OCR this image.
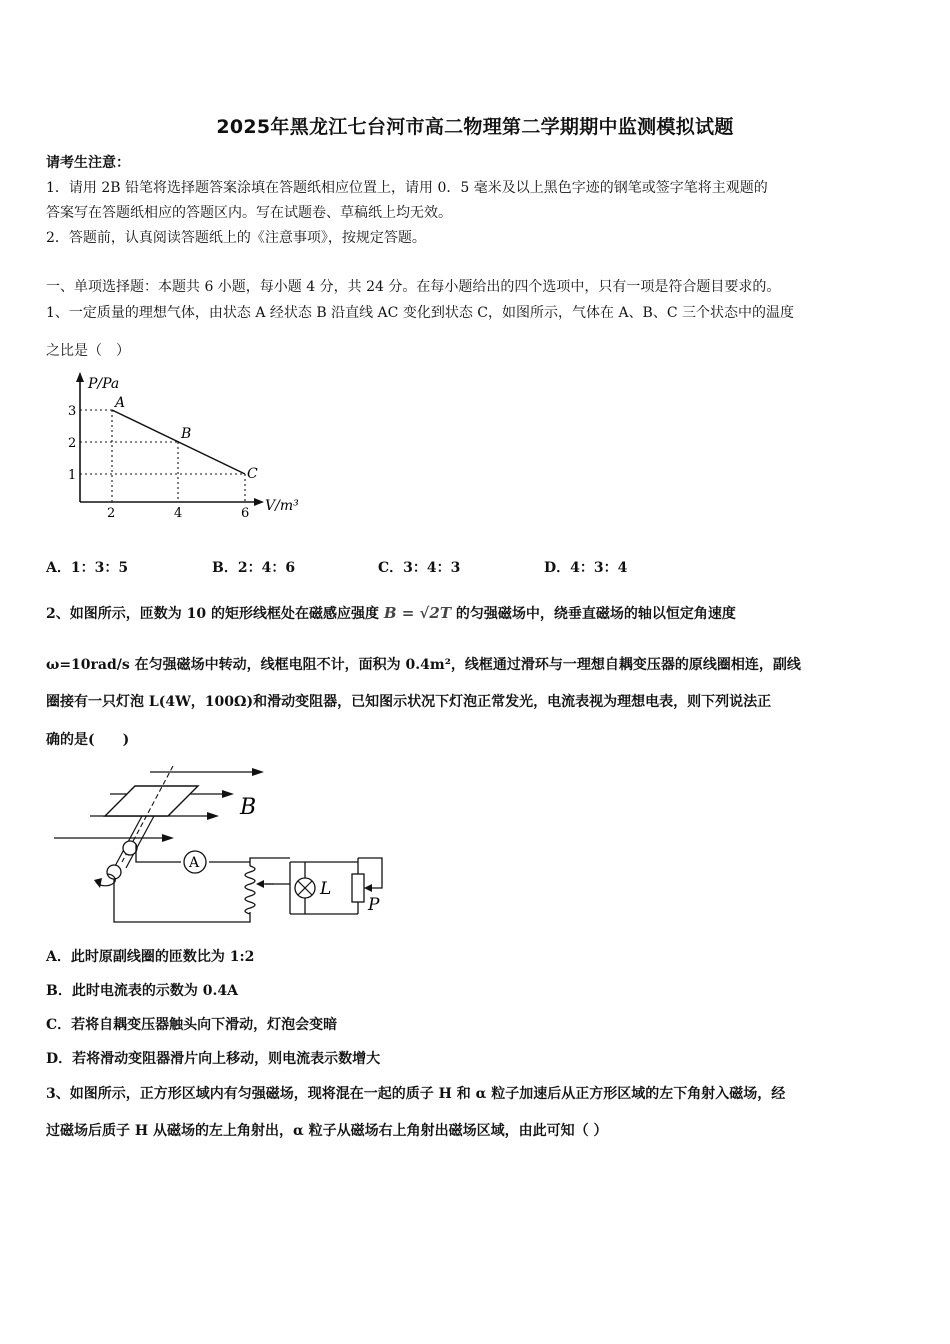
2025年黑龙江七台河市高二物理第二学期期中监测模拟试题
请考生注意：
1．请用 2B 铅笔将选择题答案涂填在答题纸相应位置上，请用 0．5 毫米及以上黑色字迹的钢笔或签字笔将主观题的
答案写在答题纸相应的答题区内。写在试题卷、草稿纸上均无效。
2．答题前，认真阅读答题纸上的《注意事项》，按规定答题。
一、单项选择题：本题共 6 小题，每小题 4 分，共 24 分。在每小题给出的四个选项中，只有一项是符合题目要求的。
1、一定质量的理想气体，由状态 A 经状态 B 沿直线 AC 变化到状态 C，如图所示，气体在 A、B、C 三个状态中的温度
之比是（　）
P/Pa
V/m³
3
2
1
2	4	6
A
B
C
A．1：3：5	B．2：4：6	C．3：4：3	D．4：3：4
2、如图所示，匝数为 10 的矩形线框处在磁感应强度 B = √2T 的匀强磁场中，绕垂直磁场的轴以恒定角速度
ω=10rad/s 在匀强磁场中转动，线框电阻不计，面积为 0.4m²，线框通过滑环与一理想自耦变压器的原线圈相连，副线
圈接有一只灯泡 L(4W，100Ω)和滑动变阻器，已知图示状况下灯泡正常发光，电流表视为理想电表，则下列说法正
确的是(　　)
A
L
P
B
A．此时原副线圈的匝数比为 1:2
B．此时电流表的示数为 0.4A
C．若将自耦变压器触头向下滑动，灯泡会变暗
D．若将滑动变阻器滑片向上移动，则电流表示数增大
3、如图所示，正方形区域内有匀强磁场，现将混在一起的质子 H 和 α 粒子加速后从正方形区域的左下角射入磁场，经
过磁场后质子 H 从磁场的左上角射出，α 粒子从磁场右上角射出磁场区域，由此可知（ ）
